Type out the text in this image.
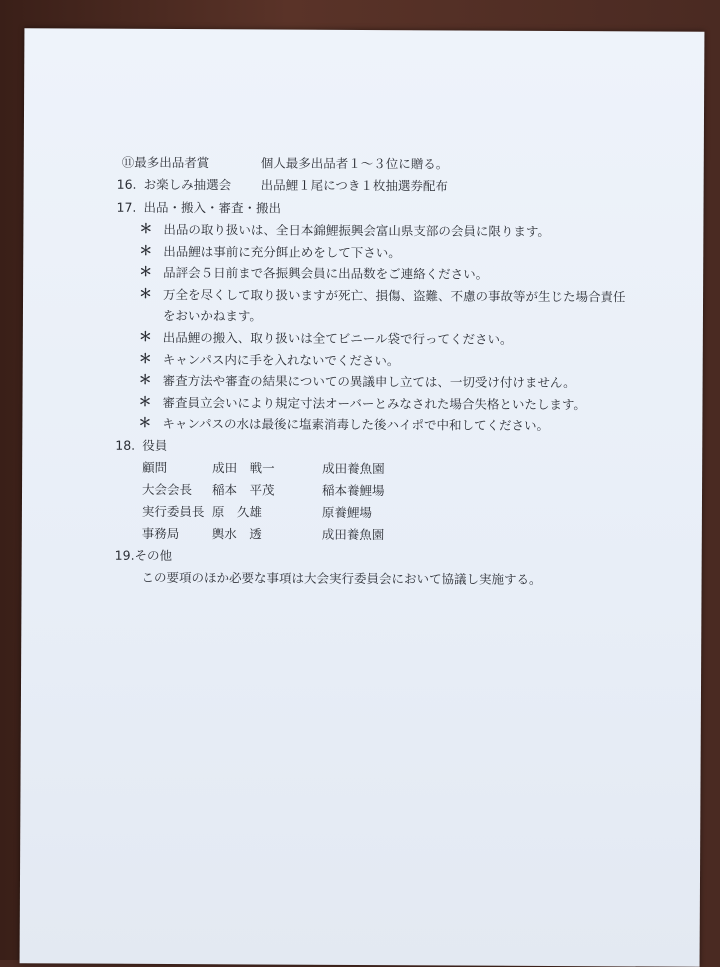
⑪最多出品者賞	個人最多出品者１～３位に贈る。
16. お楽しみ抽選会 出品鯉１尾につき１枚抽選券配布
17. 出品・搬入・審査・搬出
＊ 出品の取り扱いは、全日本錦鯉振興会富山県支部の会員に限ります。
＊ 出品鯉は事前に充分餌止めをして下さい。
＊ 品評会５日前まで各振興会員に出品数をご連絡ください。
＊ 万全を尽くして取り扱いますが死亡、損傷、盗難、不慮の事故等が生じた場合責任
をおいかねます。
＊ 出品鯉の搬入、取り扱いは全てビニール袋で行ってください。
＊ キャンパス内に手を入れないでください。
＊ 審査方法や審査の結果についての異議申し立ては、一切受け付けません。
＊ 審査員立会いにより規定寸法オーバーとみなされた場合失格といたします。
＊ キャンパスの水は最後に塩素消毒した後ハイポで中和してください。
18. 役員
顧問	成田　戦一	成田養魚園
大会会長 稲本　平茂	稲本養鯉場
実行委員長 原　久雄	原養鯉場
事務局	輿水　透	成田養魚園
19.その他
この要項のほか必要な事項は大会実行委員会において協議し実施する。
